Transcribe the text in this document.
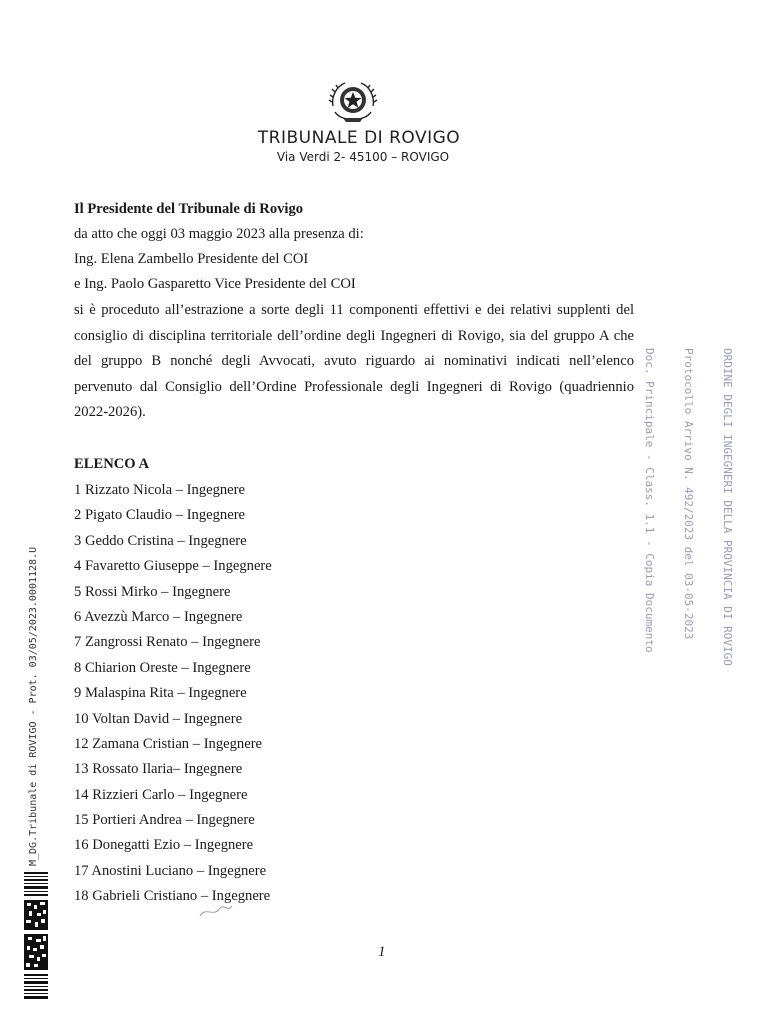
TRIBUNALE DI ROVIGO
Via Verdi 2- 45100 – ROVIGO
Il Presidente del Tribunale di Rovigo
da atto che oggi 03 maggio 2023 alla presenza di:
Ing. Elena Zambello Presidente del COI
e Ing. Paolo Gasparetto Vice Presidente del COI
si è proceduto all’estrazione a sorte degli 11 componenti effettivi e dei relativi supplenti del consiglio di disciplina territoriale dell’ordine degli Ingegneri di Rovigo, sia del gruppo A che del gruppo B nonché degli Avvocati, avuto riguardo ai nominativi indicati nell’elenco pervenuto dal Consiglio dell’Ordine Professionale degli Ingegneri di Rovigo (quadriennio 2022-2026).
ELENCO A
1 Rizzato Nicola – Ingegnere
2 Pigato Claudio – Ingegnere
3 Geddo Cristina – Ingegnere
4 Favaretto Giuseppe – Ingegnere
5 Rossi Mirko – Ingegnere
6 Avezzù Marco – Ingegnere
7 Zangrossi Renato – Ingegnere
8 Chiarion Oreste – Ingegnere
9 Malaspina Rita – Ingegnere
10 Voltan David – Ingegnere
12 Zamana Cristian – Ingegnere
13 Rossato Ilaria– Ingegnere
14 Rizzieri Carlo – Ingegnere
15 Portieri Andrea – Ingegnere
16 Donegatti Ezio – Ingegnere
17 Anostini Luciano – Ingegnere
18 Gabrieli Cristiano – Ingegnere
1

ORDINE DEGLI INGEGNERI DELLA PROVINCIA DI ROVIGO

Protocollo Arrivo N. 492/2023 del 03-05-2023

Doc. Principale - Class. 1.1 - Copia Documento

M_DG.Tribunale di ROVIGO - Prot. 03/05/2023.0001128.U
